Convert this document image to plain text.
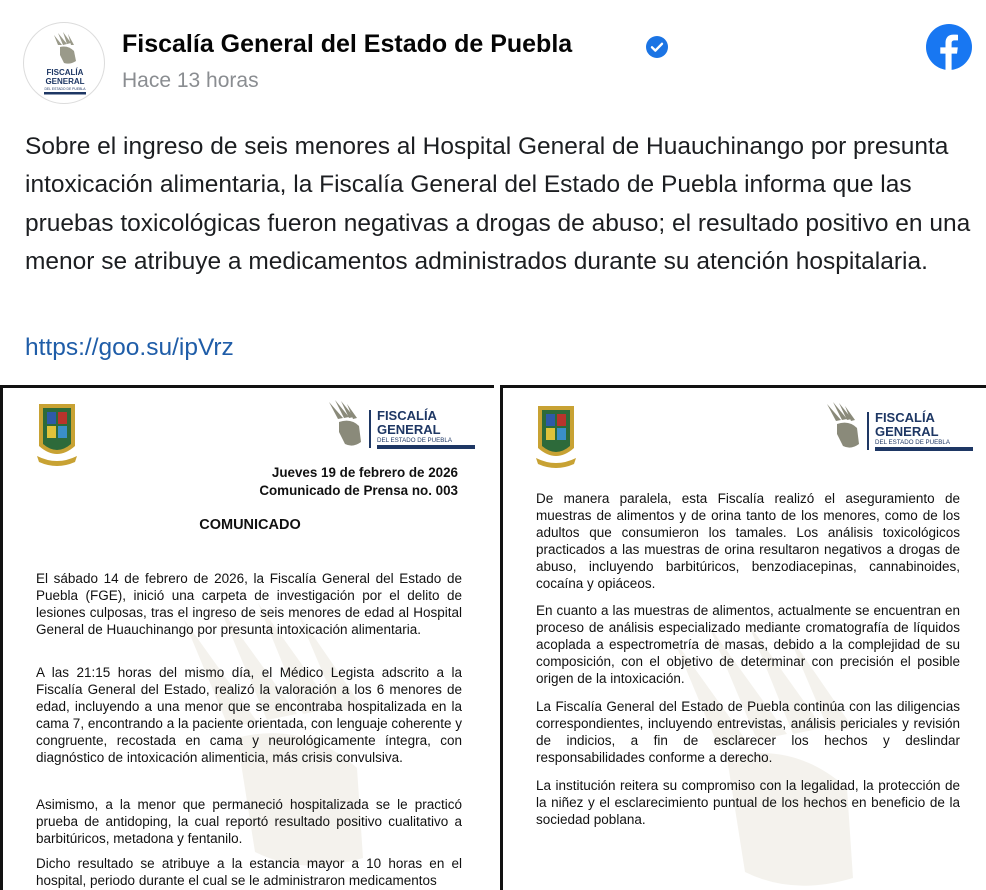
FISCALÍA
GENERAL
DEL ESTADO DE PUEBLA
Fiscalía General del Estado de Puebla
Hace 13 horas
Sobre el ingreso de seis menores al Hospital General de Huauchinango por presunta intoxicación alimentaria, la Fiscalía General del Estado de Puebla informa que las pruebas toxicológicas fueron negativas a drogas de abuso; el resultado positivo en una menor se atribuye a medicamentos administrados durante su atención hospitalaria.
https://goo.su/ipVrz
FISCALÍA
GENERAL
DEL ESTADO DE PUEBLA
Jueves 19 de febrero de 2026
Comunicado de Prensa no. 003
COMUNICADO
El sábado 14 de febrero de 2026, la Fiscalía General del Estado de Puebla (FGE), inició una carpeta de investigación por el delito de lesiones culposas, tras el ingreso de seis menores de edad al Hospital General de Huauchinango por presunta intoxicación alimentaria.
A las 21:15 horas del mismo día, el Médico Legista adscrito a la Fiscalía General del Estado, realizó la valoración a los 6 menores de edad, incluyendo a una menor que se encontraba hospitalizada en la cama 7, encontrando a la paciente orientada, con lenguaje coherente y congruente, recostada en cama y neurológicamente íntegra, con diagnóstico de intoxicación alimenticia, más crisis convulsiva.
Asimismo, a la menor que permaneció hospitalizada se le practicó prueba de antidoping, la cual reportó resultado positivo cualitativo a barbitúricos, metadona y fentanilo.
Dicho resultado se atribuye a la estancia mayor a 10 horas en el hospital, periodo durante el cual se le administraron medicamentos
FISCALÍA
GENERAL
DEL ESTADO DE PUEBLA
De manera paralela, esta Fiscalía realizó el aseguramiento de muestras de alimentos y de orina tanto de los menores, como de los adultos que consumieron los tamales. Los análisis toxicológicos practicados a las muestras de orina resultaron negativos a drogas de abuso, incluyendo barbitúricos, benzodiacepinas, cannabinoides, cocaína y opiáceos.
En cuanto a las muestras de alimentos, actualmente se encuentran en proceso de análisis especializado mediante cromatografía de líquidos acoplada a espectrometría de masas, debido a la complejidad de su composición, con el objetivo de determinar con precisión el posible origen de la intoxicación.
La Fiscalía General del Estado de Puebla continúa con las diligencias correspondientes, incluyendo entrevistas, análisis periciales y revisión de indicios, a fin de esclarecer los hechos y deslindar responsabilidades conforme a derecho.
La institución reitera su compromiso con la legalidad, la protección de la niñez y el esclarecimiento puntual de los hechos en beneficio de la sociedad poblana.
